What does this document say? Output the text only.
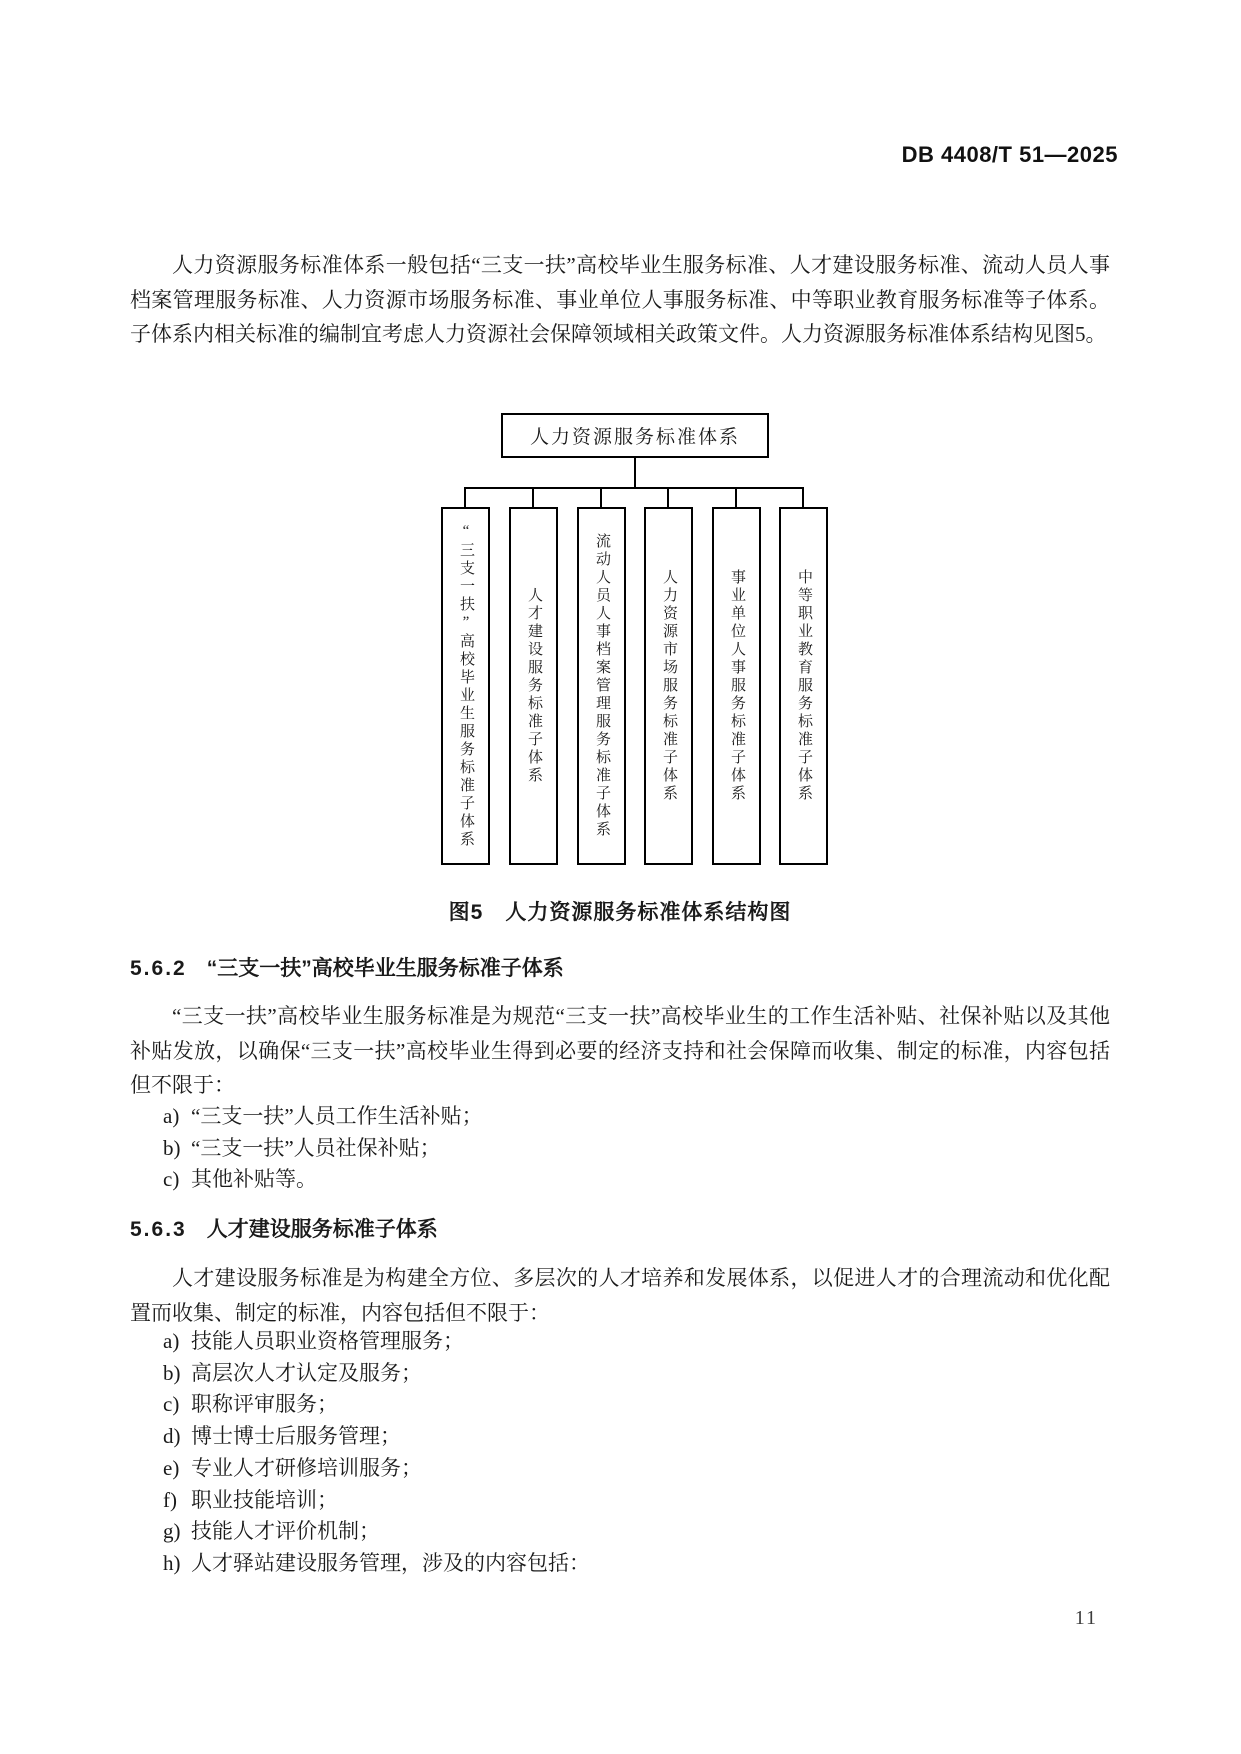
DB 4408/T 51—2025

人力资源服务标准体系一般包括“三支一扶”高校毕业生服务标准、人才建设服务标准、流动人员人事档案管理服务标准、人力资源市场服务标准、事业单位人事服务标准、中等职业教育服务标准等子体系。子体系内相关标准的编制宜考虑人力资源社会保障领域相关政策文件。人力资源服务标准体系结构见图5。

人力资源服务标准体系
“三支一扶”高校毕业生服务标准子体系	人才建设服务标准子体系	流动人员人事档案管理服务标准子体系	人力资源市场服务标准子体系	事业单位人事服务标准子体系	中等职业教育服务标准子体系
图5　人力资源服务标准体系结构图
5.6.2 “三支一扶”高校毕业生服务标准子体系

“三支一扶”高校毕业生服务标准是为规范“三支一扶”高校毕业生的工作生活补贴、社保补贴以及其他补贴发放，以确保“三支一扶”高校毕业生得到必要的经济支持和社会保障而收集、制定的标准，内容包括但不限于：

a) “三支一扶”人员工作生活补贴；
b) “三支一扶”人员社保补贴；
c) 其他补贴等。
5.6.3 人才建设服务标准子体系

人才建设服务标准是为构建全方位、多层次的人才培养和发展体系，以促进人才的合理流动和优化配置而收集、制定的标准，内容包括但不限于：

a) 技能人员职业资格管理服务；
b) 高层次人才认定及服务；
c) 职称评审服务；
d) 博士博士后服务管理；
e) 专业人才研修培训服务；
f) 职业技能培训；
g) 技能人才评价机制；
h) 人才驿站建设服务管理，涉及的内容包括：
11
